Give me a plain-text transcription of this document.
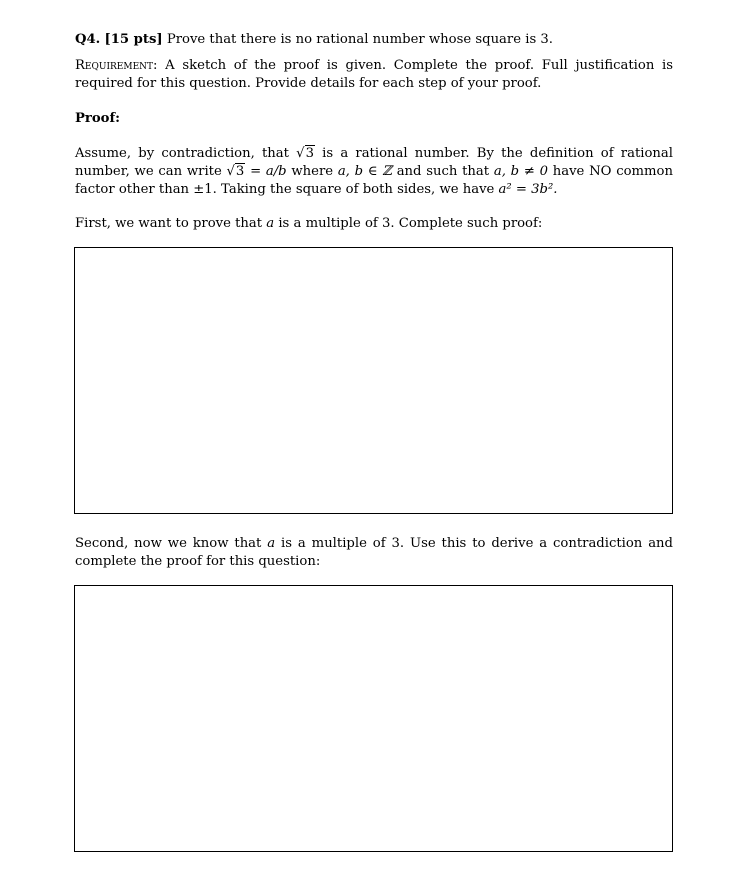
Q4. [15 pts] Prove that there is no rational number whose square is 3.

Requirement: A sketch of the proof is given. Complete the proof. Full justification is required for this question. Provide details for each step of your proof.

Proof:

Assume, by contradiction, that √3 is a rational number. By the definition of rational number, we can write √3 = a/b where a, b ∈ ℤ and such that a, b ≠ 0 have NO common factor other than ±1. Taking the square of both sides, we have a² = 3b².

First, we want to prove that a is a multiple of 3. Complete such proof:

Second, now we know that a is a multiple of 3. Use this to derive a contradiction and complete the proof for this question:
